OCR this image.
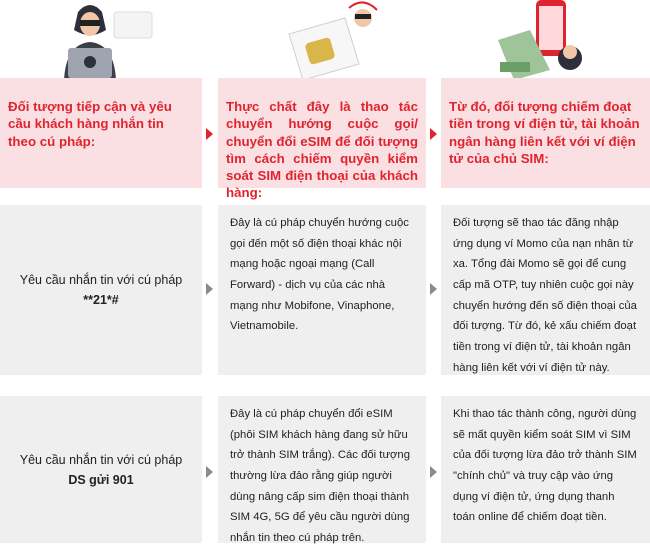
Đối tượng tiếp cận và yêu cầu khách hàng nhắn tin theo cú pháp:
Thực chất đây là thao tác chuyển hướng cuộc gọi/ chuyển đổi eSIM để đối tượng tìm cách chiếm quyền kiểm soát SIM điện thoại của khách hàng:
Từ đó, đối tượng chiếm đoạt tiền trong ví điện tử, tài khoản ngân hàng liên kết với ví điện tử của chủ SIM:
Yêu cầu nhắn tin với cú pháp
**21*#

Đây là cú pháp chuyển hướng cuộc gọi đến một số điện thoại khác nội mạng hoặc ngoại mạng (Call Forward) - dịch vụ của các nhà mạng như Mobifone, Vinaphone, Vietnamobile.

Đối tượng sẽ thao tác đăng nhập ứng dụng ví Momo của nạn nhân từ xa. Tổng đài Momo sẽ gọi để cung cấp mã OTP, tuy nhiên cuộc gọi này chuyển hướng đến số điện thoại của đối tượng. Từ đó, kẻ xấu chiếm đoạt tiền trong ví điện tử, tài khoản ngân hàng liên kết với ví điện tử này.

Yêu cầu nhắn tin với cú pháp
DS gửi 901

Đây là cú pháp chuyển đổi eSIM (phôi SIM khách hàng đang sử hữu trở thành SIM trắng). Các đối tượng thường lừa đảo rằng giúp người dùng nâng cấp sim điện thoại thành SIM 4G, 5G để yêu cầu người dùng nhắn tin theo cú pháp trên.

Khi thao tác thành công, người dùng sẽ mất quyền kiểm soát SIM vì SIM của đối tượng lừa đảo trở thành SIM "chính chủ" và truy cập vào ứng dụng ví điện tử, ứng dụng thanh toán online để chiếm đoạt tiền.
